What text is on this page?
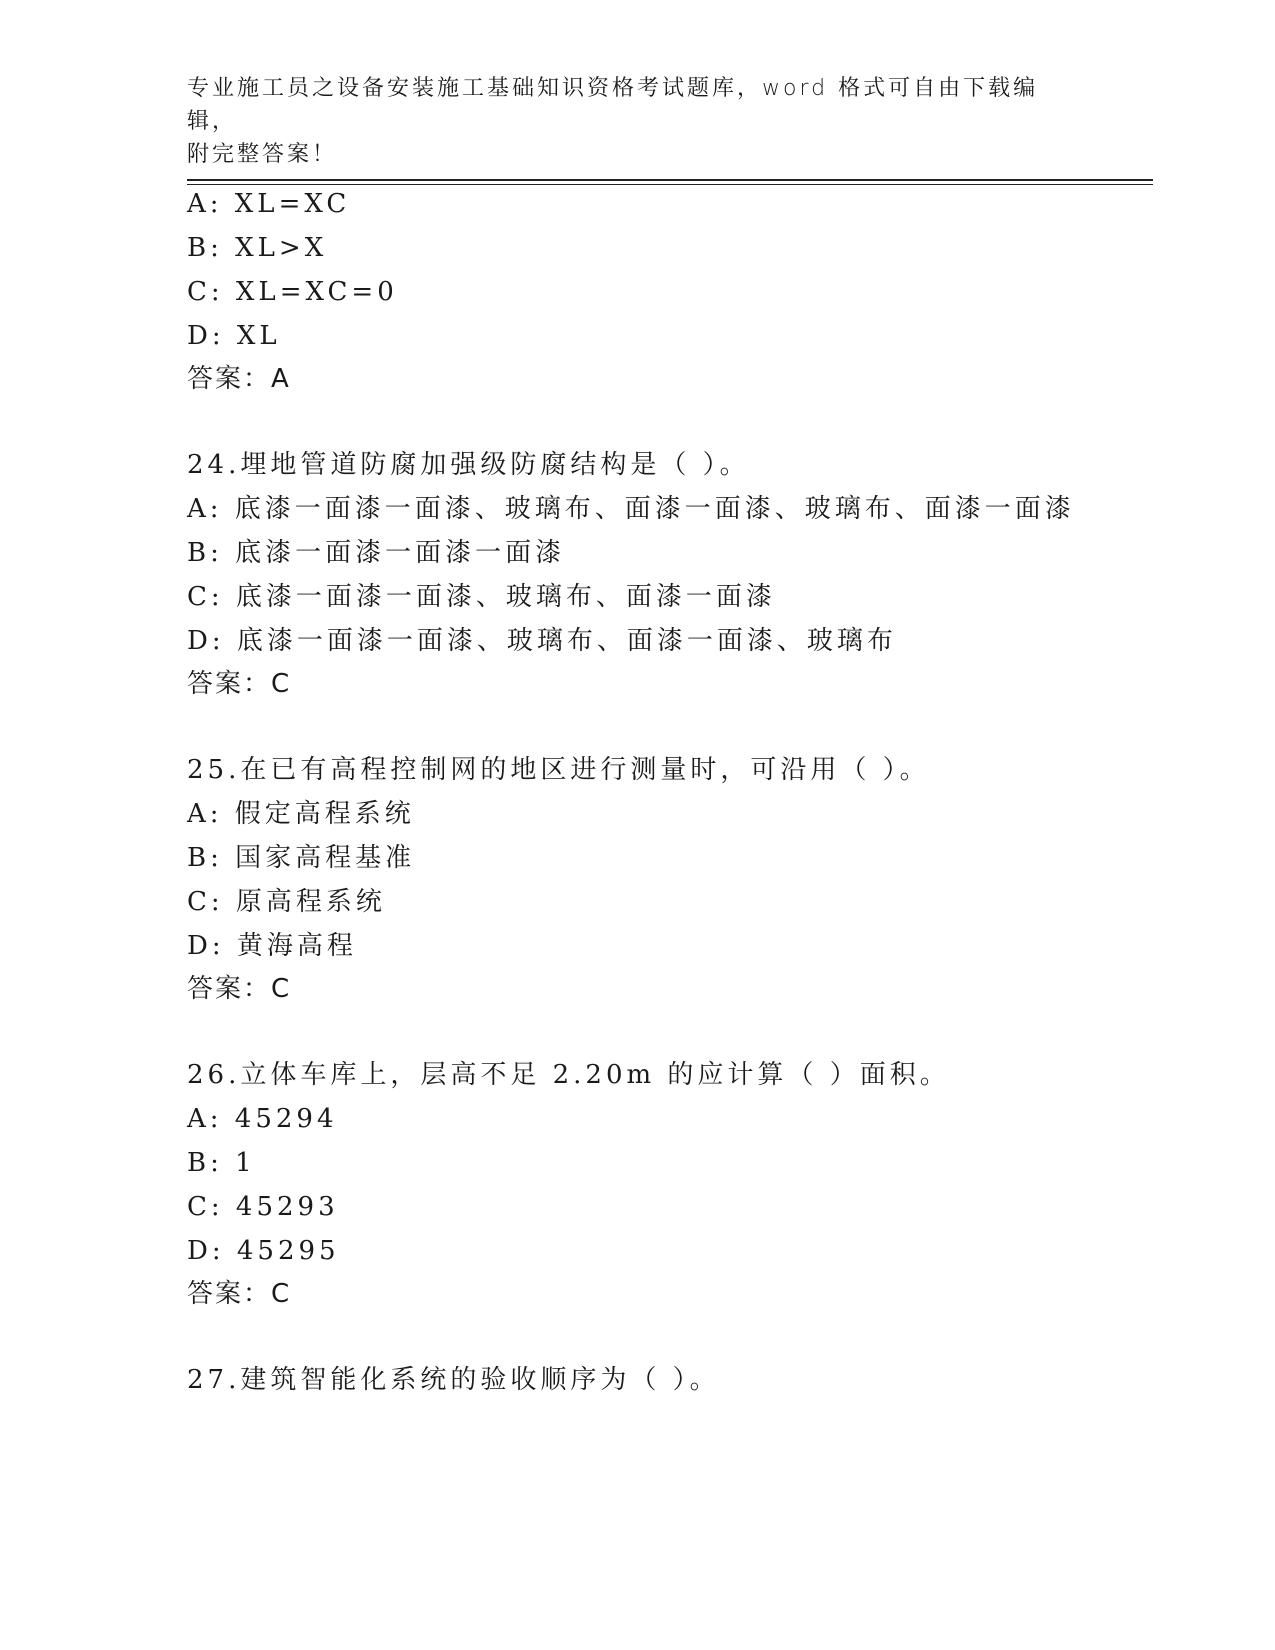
专业施工员之设备安装施工基础知识资格考试题库，word 格式可自由下载编辑，
附完整答案！
A: XL=XC
B: XL>X
C: XL=XC=0
D: XL
答案：A
24.埋地管道防腐加强级防腐结构是（ ）。
A: 底漆一面漆一面漆、玻璃布、面漆一面漆、玻璃布、面漆一面漆
B: 底漆一面漆一面漆一面漆
C: 底漆一面漆一面漆、玻璃布、面漆一面漆
D: 底漆一面漆一面漆、玻璃布、面漆一面漆、玻璃布
答案：C
25.在已有高程控制网的地区进行测量时，可沿用（ ）。
A: 假定高程系统
B: 国家高程基准
C: 原高程系统
D: 黄海高程
答案：C
26.立体车库上，层高不足 2.20m 的应计算（ ）面积。
A: 45294
B: 1
C: 45293
D: 45295
答案：C
27.建筑智能化系统的验收顺序为（ ）。
